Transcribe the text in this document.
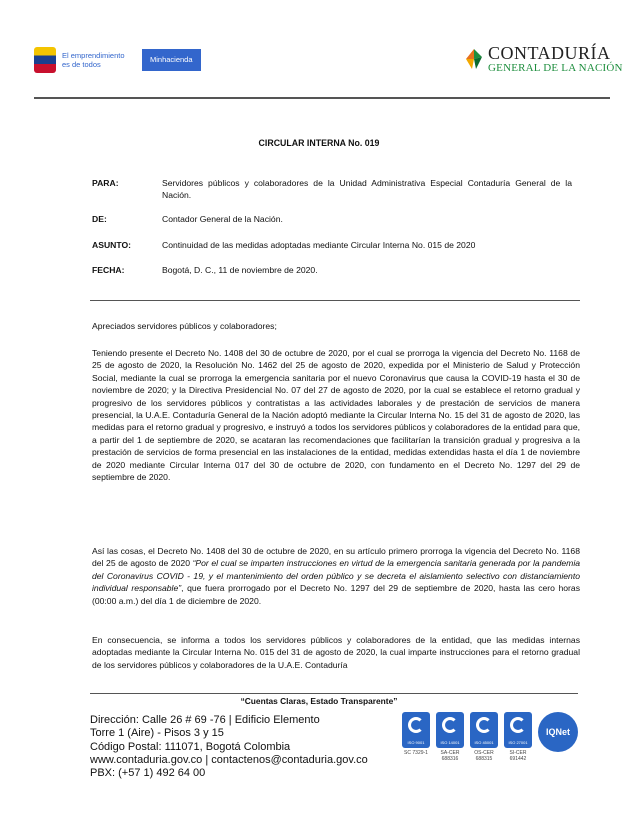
El emprendimiento es de todos
Minhacienda	CONTADURÍA
GENERAL DE LA NACIÓN
CIRCULAR INTERNA No. 019
PARA:	Servidores públicos y colaboradores de la Unidad Administrativa Especial Contaduría General de la Nación.
DE:	Contador General de la Nación.
ASUNTO:	Continuidad de las medidas adoptadas mediante Circular Interna No. 015 de 2020
FECHA:	Bogotá, D. C., 11 de noviembre de 2020.
Apreciados servidores públicos y colaboradores;
Teniendo presente el Decreto No. 1408 del 30 de octubre de 2020, por el cual se prorroga la vigencia del Decreto No. 1168 de 25 de agosto de 2020, la Resolución No. 1462 del 25 de agosto de 2020, expedida por el Ministerio de Salud y Protección Social, mediante la cual se prorroga la emergencia sanitaria por el nuevo Coronavirus que causa la COVID-19 hasta el 30 de noviembre de 2020; y la Directiva Presidencial No. 07 del 27 de agosto de 2020, por la cual se establece el retorno gradual y progresivo de los servidores públicos y contratistas a las actividades laborales y de prestación de servicios de manera presencial, la U.A.E. Contaduría General de la Nación adoptó mediante la Circular Interna No. 15 del 31 de agosto de 2020, las medidas para el retorno gradual y progresivo, e instruyó a todos los servidores públicos y colaboradores de la entidad para que, a partir del 1 de septiembre de 2020, se acataran las recomendaciones que facilitarían la transición gradual y progresiva a la prestación de servicios de forma presencial en las instalaciones de la entidad, medidas extendidas hasta el día 1 de noviembre de 2020 mediante Circular Interna 017 del 30 de octubre de 2020, con fundamento en el Decreto No. 1297 del 29 de septiembre de 2020.
Así las cosas, el Decreto No. 1408 del 30 de octubre de 2020, en su artículo primero prorroga la vigencia del Decreto No. 1168 del 25 de agosto de 2020 “Por el cual se imparten instrucciones en virtud de la emergencia sanitaria generada por la pandemia del Coronavirus COVID - 19, y el mantenimiento del orden público y se decreta el aislamiento selectivo con distanciamiento individual responsable”, que fuera prorrogado por el Decreto No. 1297 del 29 de septiembre de 2020, hasta las cero horas (00:00 a.m.) del día 1 de diciembre de 2020.
En consecuencia, se informa a todos los servidores públicos y colaboradores de la entidad, que las medidas internas adoptadas mediante la Circular Interna No. 015 del 31 de agosto de 2020, la cual imparte instrucciones para el retorno gradual de los servidores públicos y colaboradores de la U.A.E. Contaduría
“Cuentas Claras, Estado Transparente”
Dirección: Calle 26 # 69 -76 | Edificio Elemento
Torre 1 (Aire) - Pisos 3 y 15
Código Postal: 111071, Bogotá Colombia
www.contaduria.gov.co | contactenos@contaduria.gov.co
PBX: (+57 1) 492 64 00
ISO 9001
SC 7329-1
ISO 14001
SA-CER 688316
ISO 45001
OS-CER 688315
ISO 27001
SI-CER 691442
IQNet
